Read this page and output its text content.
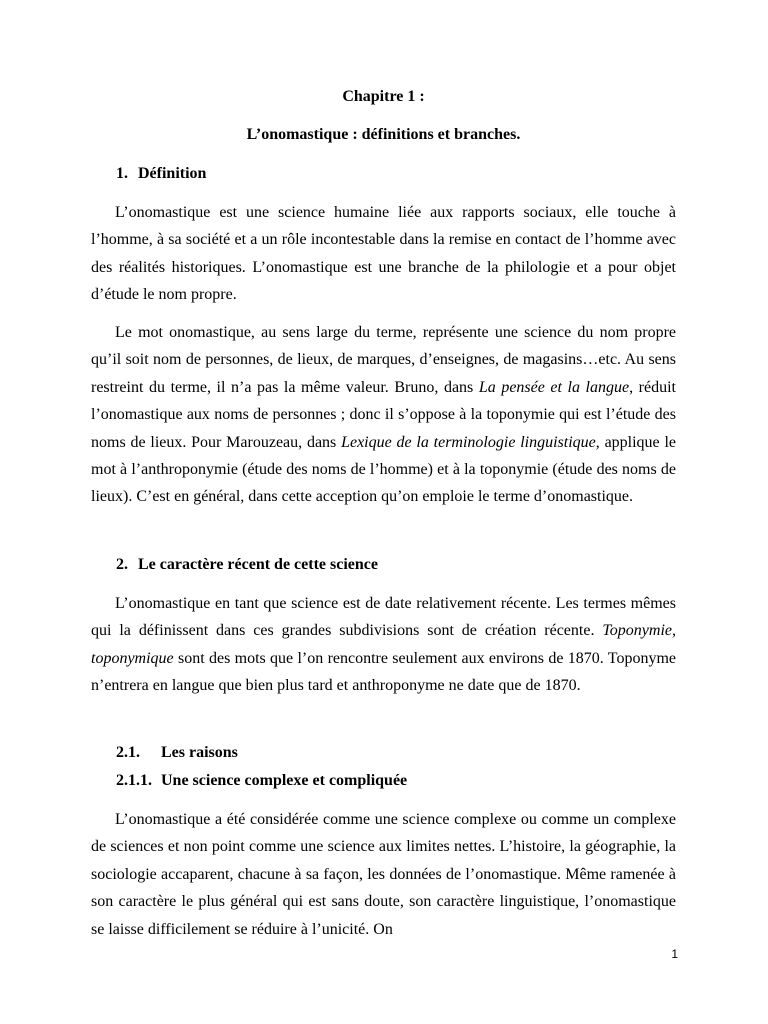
Chapitre 1 :
L’onomastique : définitions et branches.
1. Définition
L’onomastique est une science humaine liée aux rapports sociaux, elle touche à l’homme, à sa société et a un rôle incontestable dans la remise en contact de l’homme avec des réalités historiques. L’onomastique est une branche de la philologie et a pour objet d’étude le nom propre.
Le mot onomastique, au sens large du terme, représente une science du nom propre qu’il soit nom de personnes, de lieux, de marques, d’enseignes, de magasins…etc. Au sens restreint du terme, il n’a pas la même valeur. Bruno, dans La pensée et la langue, réduit l’onomastique aux noms de personnes ; donc il s’oppose à la toponymie qui est l’étude des noms de lieux. Pour Marouzeau, dans Lexique de la terminologie linguistique, applique le mot à l’anthroponymie (étude des noms de l’homme) et à la toponymie (étude des noms de lieux). C’est en général, dans cette acception qu’on emploie le terme d’onomastique.
2. Le caractère récent de cette science
L’onomastique en tant que science est de date relativement récente. Les termes mêmes qui la définissent dans ces grandes subdivisions sont de création récente. Toponymie, toponymique sont des mots que l’on rencontre seulement aux environs de 1870. Toponyme n’entrera en langue que bien plus tard et anthroponyme ne date que de 1870.
2.1. Les raisons
2.1.1. Une science complexe et compliquée
L’onomastique a été considérée comme une science complexe ou comme un complexe de sciences et non point comme une science aux limites nettes. L’histoire, la géographie, la sociologie accaparent, chacune à sa façon, les données de l’onomastique. Même ramenée à son caractère le plus général qui est sans doute, son caractère linguistique, l’onomastique se laisse difficilement se réduire à l’unicité. On
1
